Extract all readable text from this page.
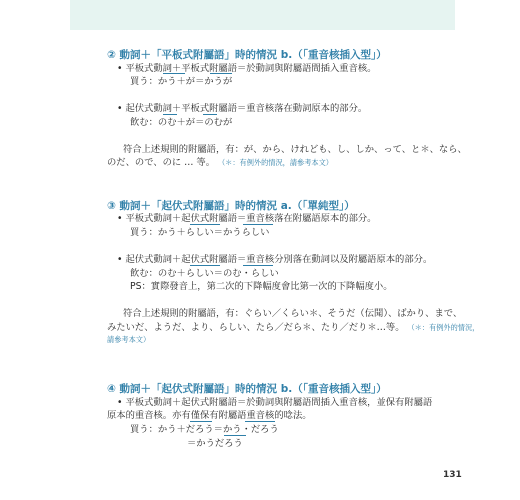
② 動詞＋「平板式附屬語」時的情況 b.（「重音核插入型」）
• 平板式動詞＋平板式附屬語＝於動詞與附屬語間插入重音核。
買う：かう＋が＝かうが
• 起伏式動詞＋平板式附屬語＝重音核落在動詞原本的部分。
飲む：のむ＋が＝のむが
符合上述規則的附屬語，有：が、から、けれども、し、しか、って、と＊、なら、
のだ、ので、のに … 等。 （＊：有例外的情況，請參考本文）
③ 動詞＋「起伏式附屬語」時的情況 a.（「單純型」）
• 平板式動詞＋起伏式附屬語＝重音核落在附屬語原本的部分。
買う：かう＋らしい＝かうらしい
• 起伏式動詞＋起伏式附屬語＝重音核分別落在動詞以及附屬語原本的部分。
飲む：のむ＋らしい＝のむ・らしい
PS：實際發音上，第二次的下降幅度會比第一次的下降幅度小。
符合上述規則的附屬語，有：ぐらい／くらい＊、そうだ（伝聞）、ばかり、まで、
みたいだ、ようだ、より、らしい、たら／だら＊、たり／だり＊…等。 （＊：有例外的情況，
請參考本文）
④ 動詞＋「起伏式附屬語」時的情況 b.（「重音核插入型」）
• 平板式動詞＋起伏式附屬語＝於動詞與附屬語間插入重音核，並保有附屬語
原本的重音核。亦有僅保有附屬語重音核的唸法。
買う：かう＋だろう＝かう・だろう
＝かうだろう
131
